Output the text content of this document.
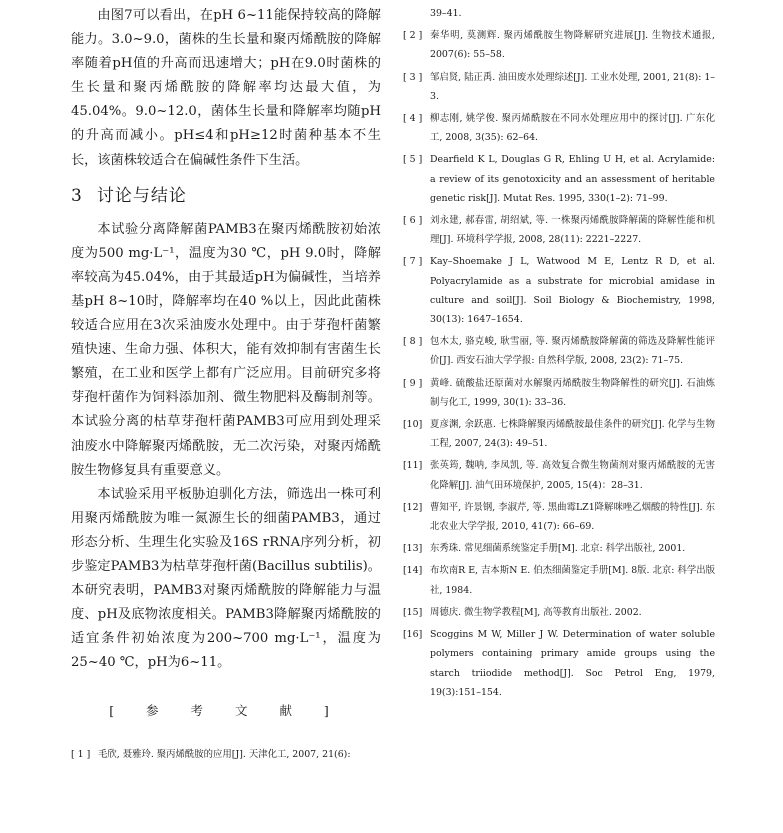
由图7可以看出，在pH 6~11能保持较高的降解能力。3.0~9.0，菌株的生长量和聚丙烯酰胺的降解率随着pH值的升高而迅速增大；pH在9.0时菌株的生长量和聚丙烯酰胺的降解率均达最大值，为45.04%。9.0~12.0，菌体生长量和降解率均随pH的升高而减小。pH≤4和pH≥12时菌种基本不生长，该菌株较适合在偏碱性条件下生活。

3 讨论与结论

本试验分离降解菌PAMB3在聚丙烯酰胺初始浓度为500 mg·L⁻¹，温度为30 ℃，pH 9.0时，降解率较高为45.04%，由于其最适pH为偏碱性，当培养基pH 8~10时，降解率均在40 %以上，因此此菌株较适合应用在3次采油废水处理中。由于芽孢杆菌繁殖快速、生命力强、体积大，能有效抑制有害菌生长繁殖，在工业和医学上都有广泛应用。目前研究多将芽孢杆菌作为饲料添加剂、微生物肥料及酶制剂等。本试验分离的枯草芽孢杆菌PAMB3可应用到处理采油废水中降解聚丙烯酰胺，无二次污染，对聚丙烯酰胺生物修复具有重要意义。

本试验采用平板胁迫驯化方法，筛选出一株可利用聚丙烯酰胺为唯一氮源生长的细菌PAMB3，通过形态分析、生理生化实验及16S rRNA序列分析，初步鉴定PAMB3为枯草芽孢杆菌(Bacillus subtilis)。本研究表明，PAMB3对聚丙烯酰胺的降解能力与温度、pH及底物浓度相关。PAMB3降解聚丙烯酰胺的适宜条件初始浓度为200~700 mg·L⁻¹，温度为25~40 ℃，pH为6~11。

[ 参 考 文 献 ]
[ 1 ] 毛欣, 聂雅玲. 聚丙烯酰胺的应用[J]. 天津化工, 2007, 21(6):
39–41.
[ 2 ] 秦华明, 莫测辉. 聚丙烯酰胺生物降解研究进展[J]. 生物技术通报, 2007(6): 55–58.
[ 3 ] 邹启贤, 陆正禹. 油田废水处理综述[J]. 工业水处理, 2001, 21(8): 1–3.
[ 4 ] 柳志刚, 姚学俊. 聚丙烯酰胺在不同水处理应用中的探讨[J]. 广东化工, 2008, 3(35): 62–64.
[ 5 ] Dearfield K L, Douglas G R, Ehling U H, et al. Acrylamide: a review of its genotoxicity and an assessment of heritable genetic risk[J]. Mutat Res. 1995, 330(1–2): 71–99.
[ 6 ] 刘永建, 郝春雷, 胡绍斌, 等. 一株聚丙烯酰胺降解菌的降解性能和机理[J]. 环境科学学报, 2008, 28(11): 2221–2227.
[ 7 ] Kay–Shoemake J L, Watwood M E, Lentz R D, et al. Polyacrylamide as a substrate for microbial amidase in culture and soil[J]. Soil Biology & Biochemistry, 1998, 30(13): 1647–1654.
[ 8 ] 包木太, 骆克峻, 耿雪丽, 等. 聚丙烯酰胺降解菌的筛选及降解性能评价[J]. 西安石油大学学报: 自然科学版, 2008, 23(2): 71–75.
[ 9 ] 黄峰. 硫酸盐还原菌对水解聚丙烯酰胺生物降解性的研究[J]. 石油炼制与化工, 1999, 30(1): 33–36.
[10] 夏彦渊, 余跃惠. 七株降解聚丙烯酰胺最佳条件的研究[J]. 化学与生物工程, 2007, 24(3): 49–51.
[11] 张英筠, 魏呐, 李凤凯, 等. 高效复合微生物菌剂对聚丙烯酰胺的无害化降解[J]. 油气田环境保护, 2005, 15(4)：28–31.
[12] 曹知平, 许景钢, 李淑芹, 等. 黑曲霉LZ1降解咪唑乙烟酸的特性[J]. 东北农业大学学报, 2010, 41(7): 66–69.
[13] 东秀珠. 常见细菌系统鉴定手册[M]. 北京: 科学出版社, 2001.
[14] 布坎南R E, 吉本斯N E. 伯杰细菌鉴定手册[M]. 8版. 北京: 科学出版社, 1984.
[15] 周德庆. 微生物学教程[M], 高等教育出版社. 2002.
[16] Scoggins M W, Miller J W. Determination of water soluble polymers containing primary amide groups using the starch triiodide method[J]. Soc Petrol Eng, 1979, 19(3):151–154.
